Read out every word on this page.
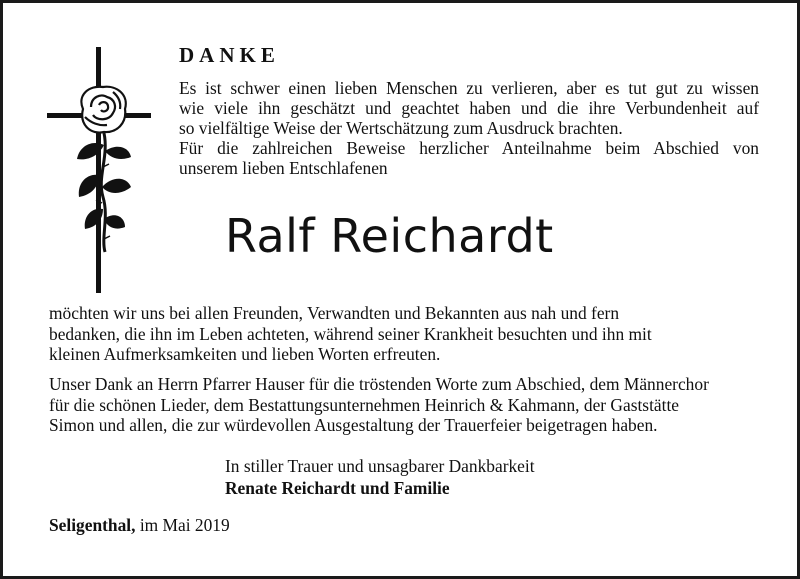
DANKE

Es ist schwer einen lieben Menschen zu verlieren, aber es tut gut zu wissen
wie viele ihn geschätzt und geachtet haben und die ihre Verbundenheit auf
so vielfältige Weise der Wertschätzung zum Ausdruck brachten.
Für die zahlreichen Beweise herzlicher Anteilnahme beim Abschied von
unserem lieben Entschlafenen

Ralf Reichardt

möchten wir uns bei allen Freunden, Verwandten und Bekannten aus nah und fern
bedanken, die ihn im Leben achteten, während seiner Krankheit besuchten und ihn mit
kleinen Aufmerksamkeiten und lieben Worten erfreuten.

Unser Dank an Herrn Pfarrer Hauser für die tröstenden Worte zum Abschied, dem Männerchor
für die schönen Lieder, dem Bestattungsunternehmen Heinrich & Kahmann, der Gaststätte
Simon und allen, die zur würdevollen Ausgestaltung der Trauerfeier beigetragen haben.

In stiller Trauer und unsagbarer Dankbarkeit
Renate Reichardt und Familie

Seligenthal, im Mai 2019
